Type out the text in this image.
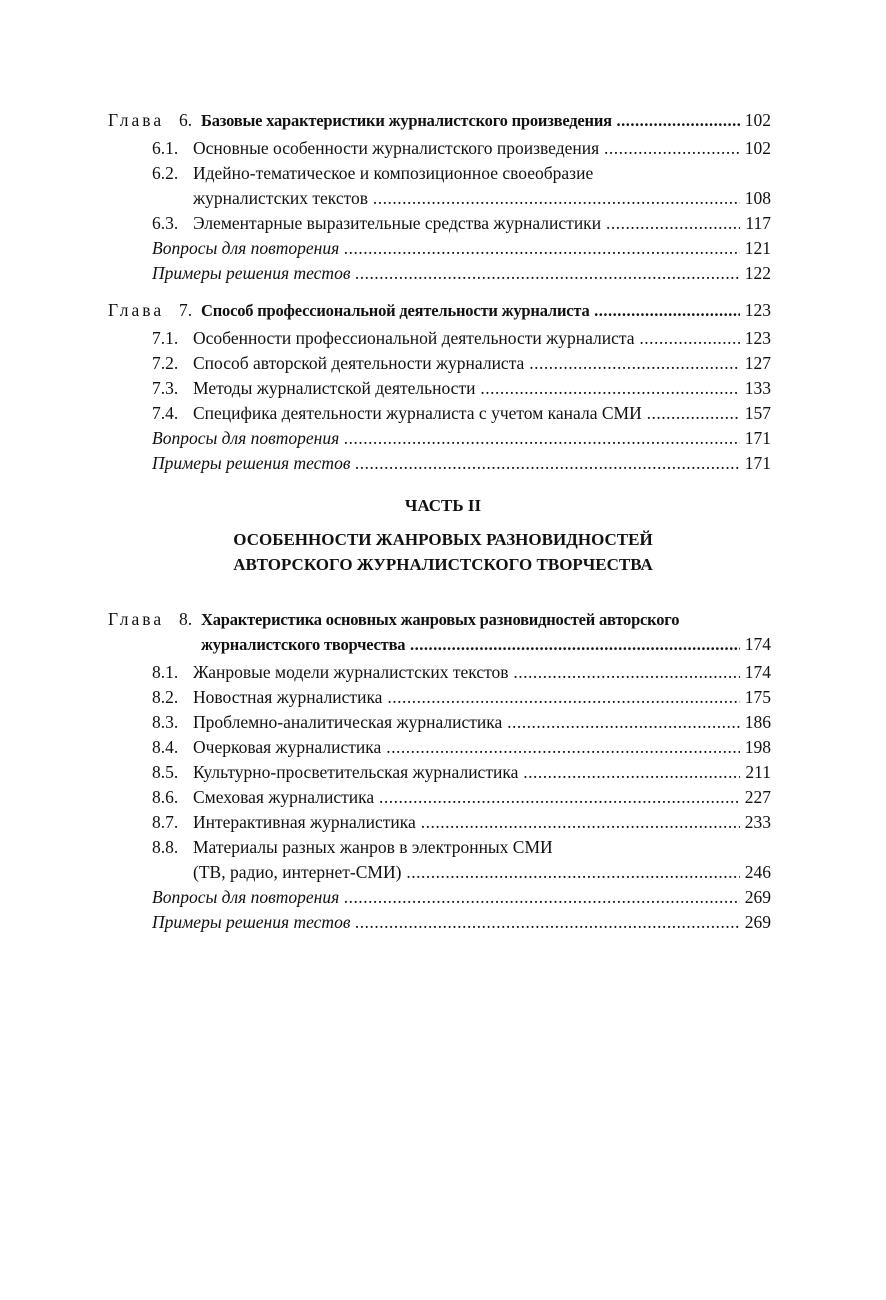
Глава 6. Базовые характеристики журналистского произведения .....	102
6.1. Основные особенности журналистского произведения .....	102
6.2. Идейно-тематическое и композиционное своеобразие
журналистских текстов .....	108
6.3. Элементарные выразительные средства журналистики .....	117
Вопросы для повторения .....	121
Примеры решения тестов .....	122
Глава 7. Способ профессиональной деятельности журналиста .....	123
7.1. Особенности профессиональной деятельности журналиста .....	123
7.2. Способ авторской деятельности журналиста .....	127
7.3. Методы журналистской деятельности .....	133
7.4. Специфика деятельности журналиста с учетом канала СМИ .....	157
Вопросы для повторения .....	171
Примеры решения тестов .....	171
ЧАСТЬ II
ОСОБЕННОСТИ ЖАНРОВЫХ РАЗНОВИДНОСТЕЙ
АВТОРСКОГО ЖУРНАЛИСТСКОГО ТВОРЧЕСТВА
Глава 8. Характеристика основных жанровых разновидностей авторского
журналистского творчества .....	174
8.1. Жанровые модели журналистских текстов .....	174
8.2. Новостная журналистика .....	175
8.3. Проблемно-аналитическая журналистика .....	186
8.4. Очерковая журналистика .....	198
8.5. Культурно-просветительская журналистика .....	211
8.6. Смеховая журналистика .....	227
8.7. Интерактивная журналистика .....	233
8.8. Материалы разных жанров в электронных СМИ
(ТВ, радио, интернет-СМИ) .....	246
Вопросы для повторения .....	269
Примеры решения тестов .....	269
